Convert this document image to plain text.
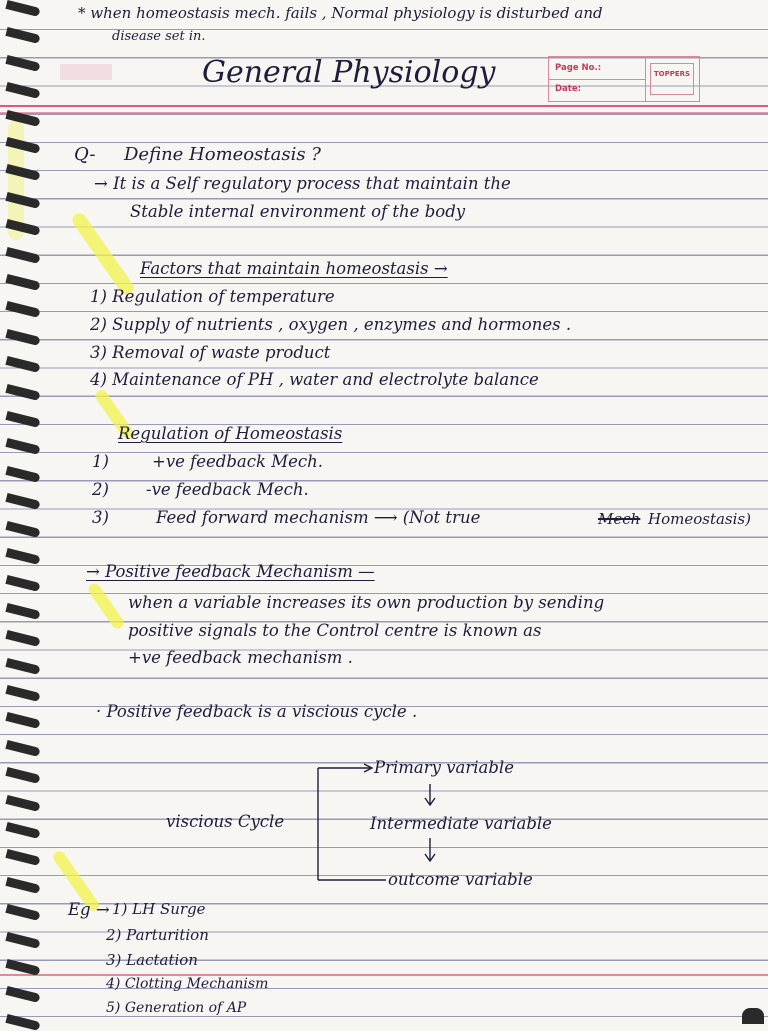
Page No.:
Date:
TOPPERS
* when homeostasis mech. fails , Normal physiology is disturbed and
disease set in.
General Physiology
Q- Define Homeostasis ?
→ It is a Self regulatory process that maintain the
Stable internal environment of the body
Factors that maintain homeostasis →
1) Regulation of temperature
2) Supply of nutrients , oxygen , enzymes and hormones .
3) Removal of waste product
4) Maintenance of PH , water and electrolyte balance
Regulation of Homeostasis
1)	+ve feedback Mech.
2) -ve feedback Mech.
3)	Feed forward mechanism ⟶ (Not true	Mech Homeostasis)
→ Positive feedback Mechanism —
when a variable increases its own production by sending
positive signals to the Control centre is known as
+ve feedback mechanism .
· Positive feedback is a viscious cycle .
viscious Cycle
Primary variable
Intermediate variable
outcome variable
Eg → 1) LH Surge
2) Parturition
3) Lactation
4) Clotting Mechanism
5) Generation of AP
